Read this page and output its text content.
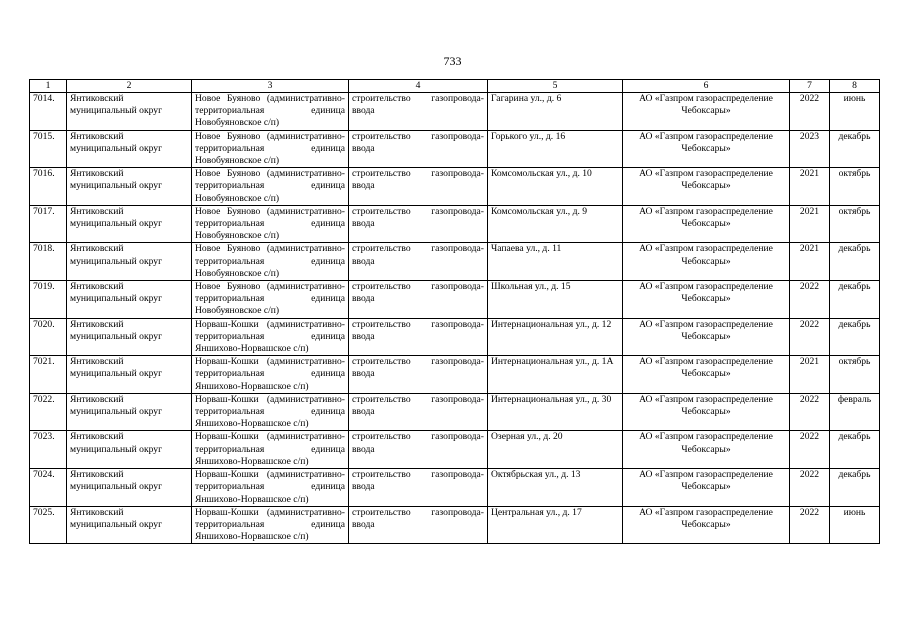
733
1	2	3	4	5	6	7	8
7014.	Янтиковский муниципальный округ	Новое Буяново (административно-территориальная единица Новобуяновское с/п)	строительство газопровода-ввода	Гагарина ул., д. 6	АО «Газпром газораспределение Чебоксары»	2022	июнь
7015.	Янтиковский муниципальный округ	Новое Буяново (административно-территориальная единица Новобуяновское с/п)	строительство газопровода-ввода	Горького ул., д. 16	АО «Газпром газораспределение Чебоксары»	2023	декабрь
7016.	Янтиковский муниципальный округ	Новое Буяново (административно-территориальная единица Новобуяновское с/п)	строительство газопровода-ввода	Комсомольская ул., д. 10	АО «Газпром газораспределение Чебоксары»	2021	октябрь
7017.	Янтиковский муниципальный округ	Новое Буяново (административно-территориальная единица Новобуяновское с/п)	строительство газопровода-ввода	Комсомольская ул., д. 9	АО «Газпром газораспределение Чебоксары»	2021	октябрь
7018.	Янтиковский муниципальный округ	Новое Буяново (административно-территориальная единица Новобуяновское с/п)	строительство газопровода-ввода	Чапаева ул., д. 11	АО «Газпром газораспределение Чебоксары»	2021	декабрь
7019.	Янтиковский муниципальный округ	Новое Буяново (административно-территориальная единица Новобуяновское с/п)	строительство газопровода-ввода	Школьная ул., д. 15	АО «Газпром газораспределение Чебоксары»	2022	декабрь
7020.	Янтиковский муниципальный округ	Норваш-Кошки (административно-территориальная единица Яншихово-Норвашское с/п)	строительство газопровода-ввода	Интернациональная ул., д. 12	АО «Газпром газораспределение Чебоксары»	2022	декабрь
7021.	Янтиковский муниципальный округ	Норваш-Кошки (административно-территориальная единица Яншихово-Норвашское с/п)	строительство газопровода-ввода	Интернациональная ул., д. 1А	АО «Газпром газораспределение Чебоксары»	2021	октябрь
7022.	Янтиковский муниципальный округ	Норваш-Кошки (административно-территориальная единица Яншихово-Норвашское с/п)	строительство газопровода-ввода	Интернациональная ул., д. 30	АО «Газпром газораспределение Чебоксары»	2022	февраль
7023.	Янтиковский муниципальный округ	Норваш-Кошки (административно-территориальная единица Яншихово-Норвашское с/п)	строительство газопровода-ввода	Озерная ул., д. 20	АО «Газпром газораспределение Чебоксары»	2022	декабрь
7024.	Янтиковский муниципальный округ	Норваш-Кошки (административно-территориальная единица Яншихово-Норвашское с/п)	строительство газопровода-ввода	Октябрьская ул., д. 13	АО «Газпром газораспределение Чебоксары»	2022	декабрь
7025.	Янтиковский муниципальный округ	Норваш-Кошки (административно-территориальная единица Яншихово-Норвашское с/п)	строительство газопровода-ввода	Центральная ул., д. 17	АО «Газпром газораспределение Чебоксары»	2022	июнь
